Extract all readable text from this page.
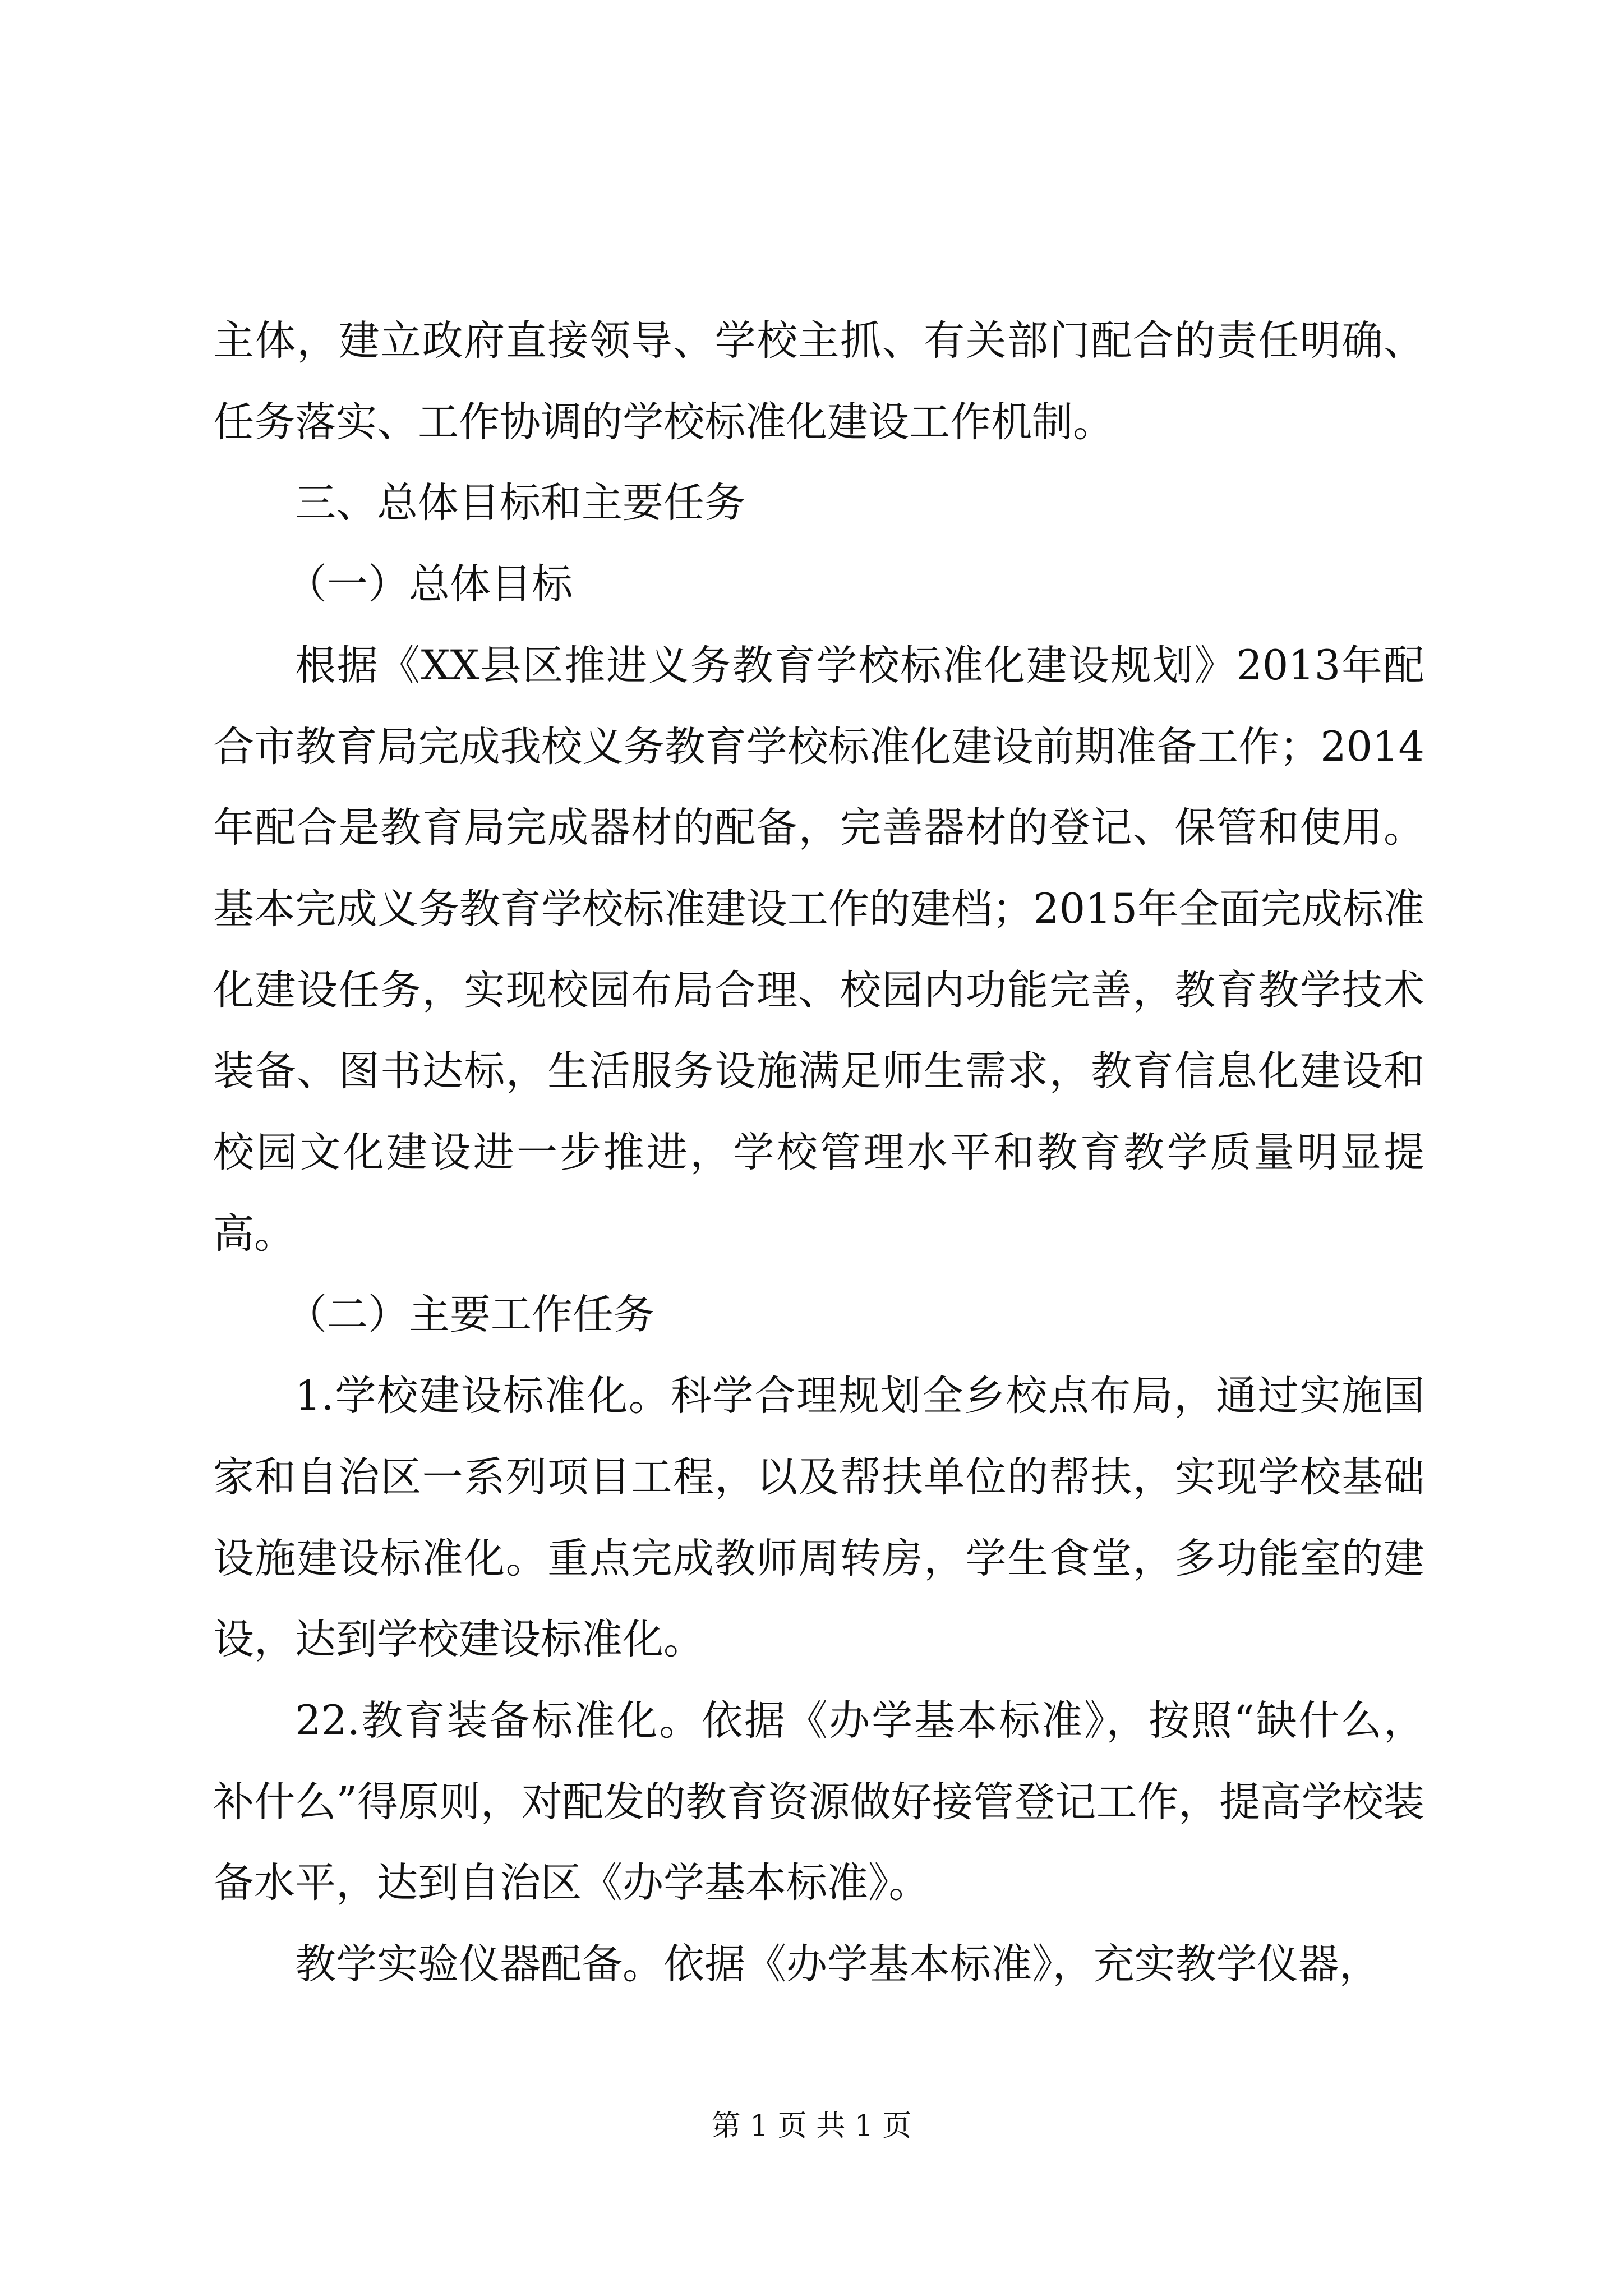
主体，建立政府直接领导、学校主抓、有关部门配合的责任明确、任务落实、工作协调的学校标准化建设工作机制。

三、总体目标和主要任务

（一）总体目标

根据《XX县区推进义务教育学校标准化建设规划》2013年配合市教育局完成我校义务教育学校标准化建设前期准备工作；2014年配合是教育局完成器材的配备，完善器材的登记、保管和使用。基本完成义务教育学校标准建设工作的建档；2015年全面完成标准化建设任务，实现校园布局合理、校园内功能完善，教育教学技术装备、图书达标，生活服务设施满足师生需求，教育信息化建设和校园文化建设进一步推进，学校管理水平和教育教学质量明显提高。

（二）主要工作任务

1.学校建设标准化。科学合理规划全乡校点布局，通过实施国家和自治区一系列项目工程，以及帮扶单位的帮扶，实现学校基础设施建设标准化。重点完成教师周转房，学生食堂，多功能室的建设，达到学校建设标准化。

22.教育装备标准化。依据《办学基本标准》，按照“缺什么，补什么”得原则，对配发的教育资源做好接管登记工作，提高学校装备水平，达到自治区《办学基本标准》。

教学实验仪器配备。依据《办学基本标准》，充实教学仪器，

第 1 页 共 1 页
